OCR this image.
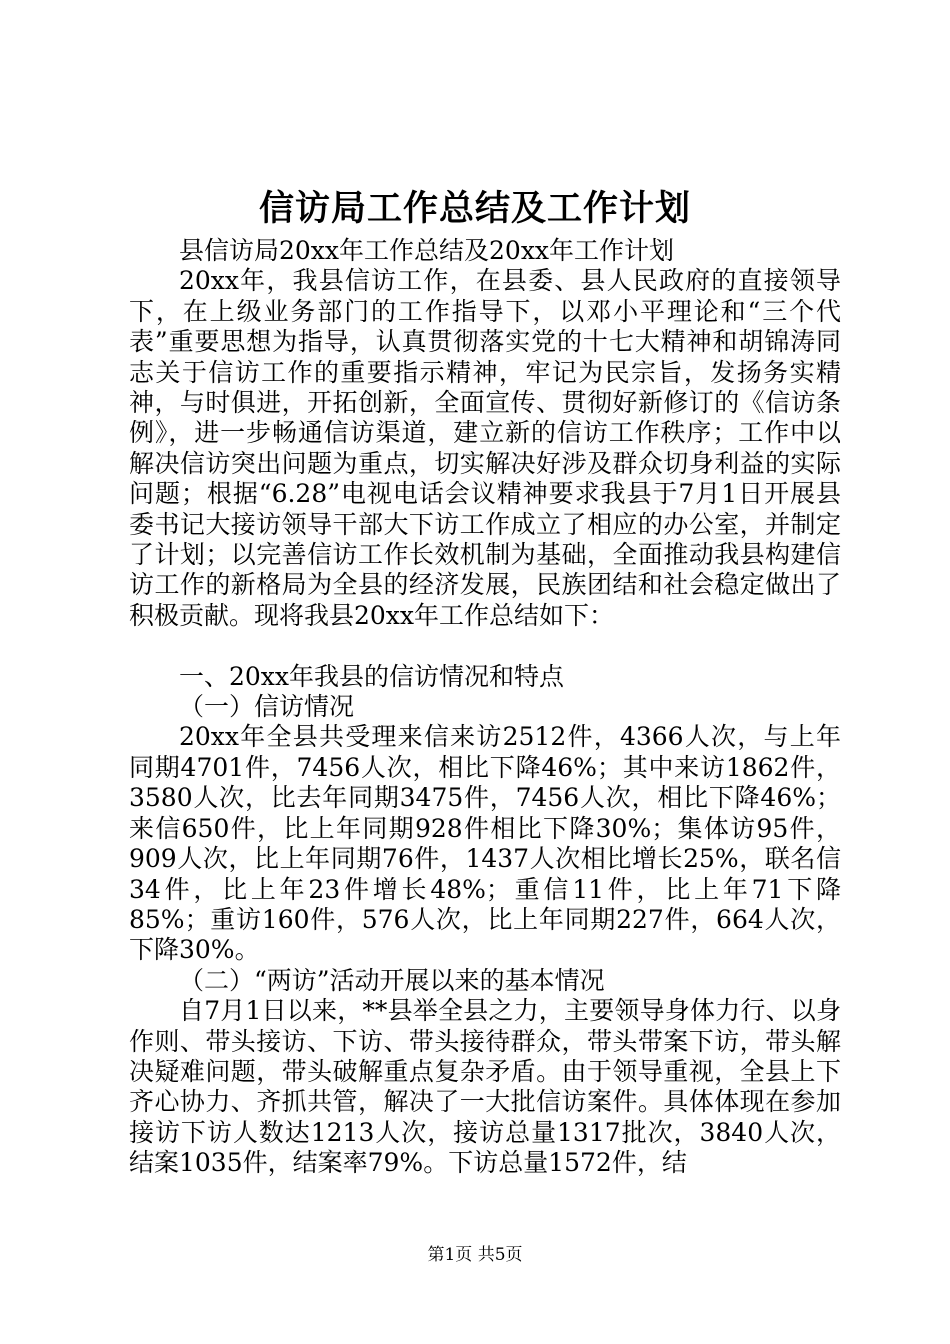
信访局工作总结及工作计划

县信访局20xx年工作总结及20xx年工作计划

20xx年，我县信访工作，在县委、县人民政府的直接领导下，在上级业务部门的工作指导下，以邓小平理论和“三个代表”重要思想为指导，认真贯彻落实党的十七大精神和胡锦涛同志关于信访工作的重要指示精神，牢记为民宗旨，发扬务实精神，与时俱进，开拓创新，全面宣传、贯彻好新修订的《信访条例》，进一步畅通信访渠道，建立新的信访工作秩序；工作中以解决信访突出问题为重点，切实解决好涉及群众切身利益的实际问题；根据“6.28”电视电话会议精神要求我县于7月1日开展县委书记大接访领导干部大下访工作成立了相应的办公室，并制定了计划；以完善信访工作长效机制为基础，全面推动我县构建信访工作的新格局为全县的经济发展，民族团结和社会稳定做出了积极贡献。现将我县20xx年工作总结如下：

一、20xx年我县的信访情况和特点

（一）信访情况

20xx年全县共受理来信来访2512件，4366人次，与上年同期4701件，7456人次，相比下降46%；其中来访1862件，3580人次，比去年同期3475件，7456人次，相比下降46%；来信650件，比上年同期928件相比下降30%；集体访95件，909人次，比上年同期76件，1437人次相比增长25%，联名信34件，比上年23件增长48%；重信11件，比上年71下降85%；重访160件，576人次，比上年同期227件，664人次，下降30%。

（二）“两访”活动开展以来的基本情况

自7月1日以来，**县举全县之力，主要领导身体力行、以身作则、带头接访、下访、带头接待群众，带头带案下访，带头解决疑难问题，带头破解重点复杂矛盾。由于领导重视，全县上下齐心协力、齐抓共管，解决了一大批信访案件。具体体现在参加接访下访人数达1213人次，接访总量1317批次，3840人次，结案1035件，结案率79%。下访总量1572件，结

第1页 共5页
